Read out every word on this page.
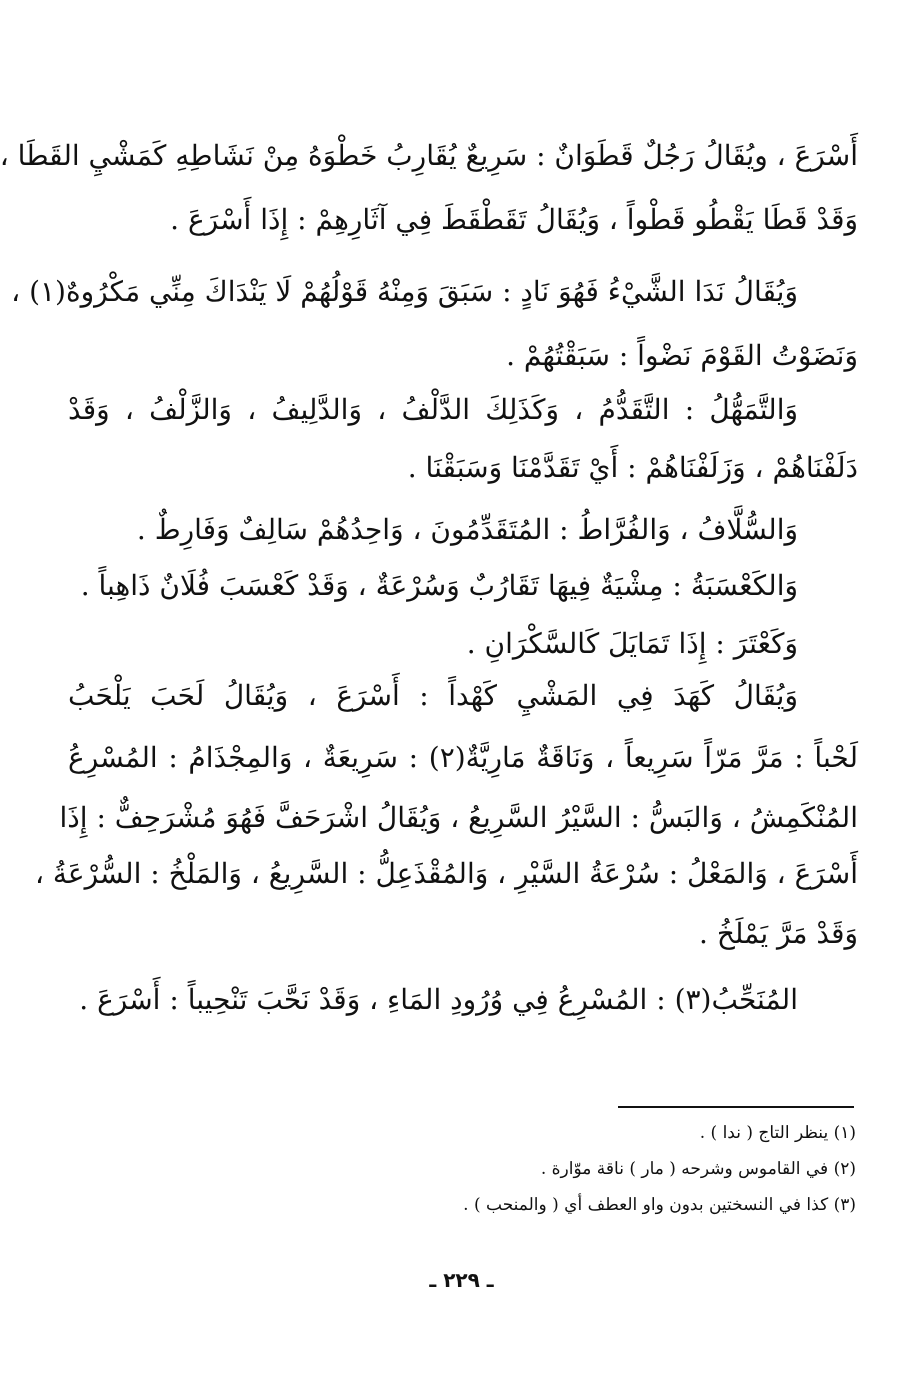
أَسْرَعَ ، ويُقَالُ رَجُلٌ قَطَوَانٌ : سَرِيعٌ يُقَارِبُ خَطْوَهُ مِنْ نَشَاطِهِ كَمَشْيِ القَطَا ،
وَقَدْ قَطَا يَقْطُو قَطْواً ، وَيُقَالُ تَقَطْقَطَ فِي آثَارِهِمْ : إِذَا أَسْرَعَ .
وَيُقَالُ نَدَا الشَّيْءُ فَهُوَ نَادٍ : سَبَقَ وَمِنْهُ قَوْلُهُمْ لَا يَنْدَاكَ مِنِّي مَكْرُوهٌ(١) ،
وَنَضَوْتُ القَوْمَ نَضْواً : سَبَقْتُهُمْ .
وَالتَّمَهُّلُ : التَّقَدُّمُ ، وَكَذَلِكَ الدَّلْفُ ، وَالدَّلِيفُ ، وَالزَّلْفُ ، وَقَدْ
دَلَفْنَاهُمْ ، وَزَلَفْنَاهُمْ : أَيْ تَقَدَّمْنَا وَسَبَقْنَا .
وَالسُّلَّافُ ، وَالفُرَّاطُ : المُتَقَدِّمُونَ ، وَاحِدُهُمْ سَالِفٌ وَفَارِطٌ .
وَالكَعْسَبَةُ : مِشْيَةٌ فِيهَا تَقَارُبٌ وَسُرْعَةٌ ، وَقَدْ كَعْسَبَ فُلَانٌ ذَاهِباً .
وَكَعْتَرَ : إِذَا تَمَايَلَ كَالسَّكْرَانِ .
وَيُقَالُ كَهَدَ فِي المَشْيِ كَهْداً : أَسْرَعَ ، وَيُقَالُ لَحَبَ يَلْحَبُ
لَحْباً : مَرَّ مَرّاً سَرِيعاً ، وَنَاقَةٌ مَارِيَّةٌ(٢) : سَرِيعَةٌ ، وَالمِجْذَامُ : المُسْرِعُ
المُنْكَمِشُ ، وَالبَسُّ : السَّيْرُ السَّرِيعُ ، وَيُقَالُ اشْرَحَفَّ فَهُوَ مُشْرَحِفٌّ : إِذَا
أَسْرَعَ ، وَالمَعْلُ : سُرْعَةُ السَّيْرِ ، وَالمُقْذَعِلُّ : السَّرِيعُ ، وَالمَلْخُ : السُّرْعَةُ ،
وَقَدْ مَرَّ يَمْلَخُ .
المُنَحِّبُ(٣) : المُسْرِعُ فِي وُرُودِ المَاءِ ، وَقَدْ نَحَّبَ تَنْحِيباً : أَسْرَعَ .
(١) ينظر التاج ( ندا ) .
(٢) في القاموس وشرحه ( مار ) ناقة موّارة .
(٣) كذا في النسختين بدون واو العطف أي ( والمنحب ) .
ـ ٢٢٩ ـ
